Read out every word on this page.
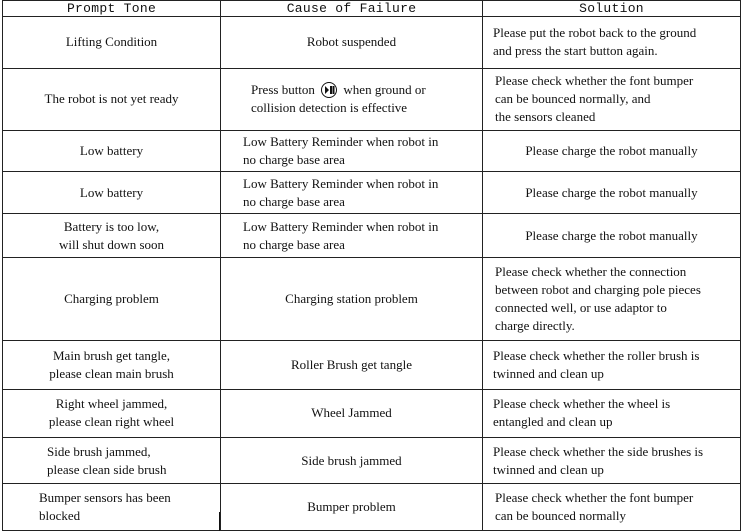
Prompt Tone	Cause of Failure	Solution

Lifting Condition	Robot suspended	Please put the robot back to the ground
and press the start button again.

The robot is not yet ready	Press button when ground or
collision detection is effective	Please check whether the font bumper
can be bounced normally, and
the sensors cleaned

Low battery	Low Battery Reminder when robot in
no charge base area	Please charge the robot manually

Low battery	Low Battery Reminder when robot in
no charge base area	Please charge the robot manually

Battery is too low,
will shut down soon	Low Battery Reminder when robot in
no charge base area	Please charge the robot manually

Charging problem	Charging station problem	Please check whether the connection
between robot and charging pole pieces
connected well, or use adaptor to
charge directly.

Main brush get tangle,
please clean main brush	Roller Brush get tangle	Please check whether the roller brush is
twinned and clean up

Right wheel jammed,
please clean right wheel	Wheel Jammed	Please check whether the wheel is
entangled and clean up

Side brush jammed,
please clean side brush	Side brush jammed	Please check whether the side brushes is
twinned and clean up

Bumper sensors has been
blocked	Bumper problem	Please check whether the font bumper
can be bounced normally
